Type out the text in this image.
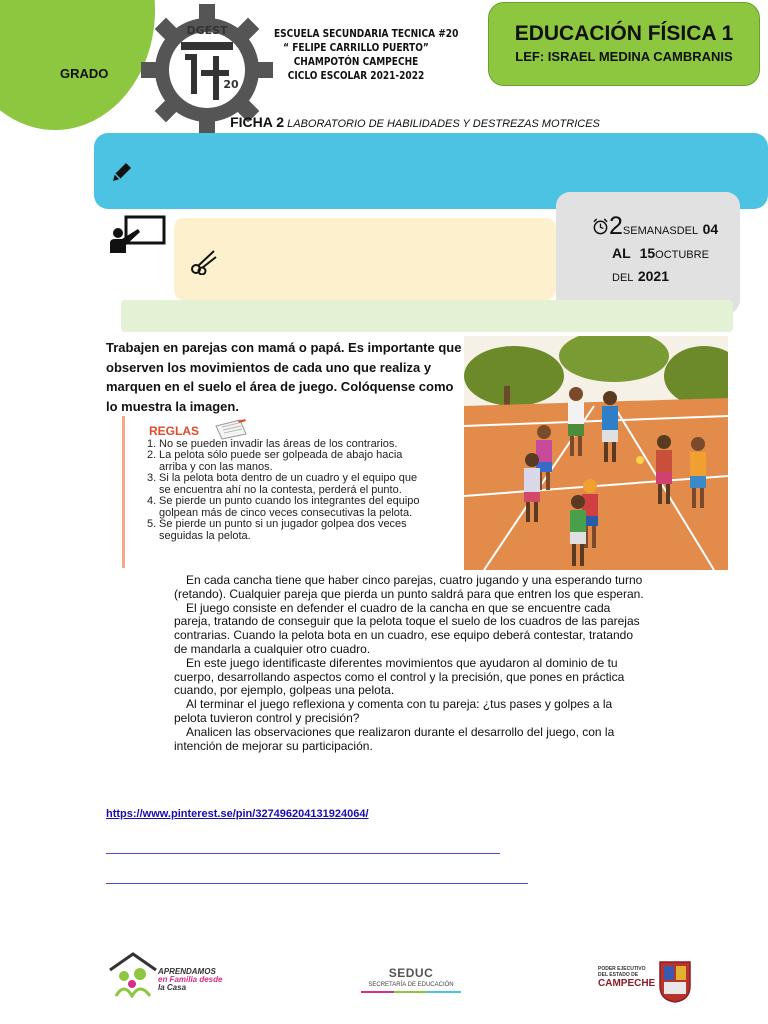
GRADO
DGEST
20
ESCUELA SECUNDARIA TECNICA #20
“ FELIPE CARRILLO PUERTO”
CHAMPOTÓN CAMPECHE
CICLO ESCOLAR 2021-2022
EDUCACIÓN FÍSICA 1
LEF: ISRAEL MEDINA CAMBRANIS
FICHA 2 LABORATORIO DE HABILIDADES Y DESTREZAS MOTRICES
2SEMANASDEL 04
AL 15OCTUBRE
DEL 2021
Trabajen en parejas con mamá o papá. Es importante que observen los movimientos de cada uno que realiza y marquen en el suelo el área de juego. Colóquense como lo muestra la imagen.
REGLAS
1. No se pueden invadir las áreas de los contrarios.
2. La pelota sólo puede ser golpeada de abajo hacia arriba y con las manos.
3. Si la pelota bota dentro de un cuadro y el equipo que se encuentra ahí no la contesta, perderá el punto.
4. Se pierde un punto cuando los integrantes del equipo golpean más de cinco veces consecutivas la pelota.
5. Se pierde un punto si un jugador golpea dos veces seguidas la pelota.

En cada cancha tiene que haber cinco parejas, cuatro jugando y una esperando turno (retando). Cualquier pareja que pierda un punto saldrá para que entren los que esperan.

El juego consiste en defender el cuadro de la cancha en que se encuentre cada pareja, tratando de conseguir que la pelota toque el suelo de los cuadros de las parejas contrarias. Cuando la pelota bota en un cuadro, ese equipo deberá contestar, tratando de mandarla a cualquier otro cuadro.

En este juego identificaste diferentes movimientos que ayudaron al dominio de tu cuerpo, desarrollando aspectos como el control y la precisión, que pones en práctica cuando, por ejemplo, golpeas una pelota.

Al terminar el juego reflexiona y comenta con tu pareja: ¿tus pases y golpes a la pelota tuvieron control y precisión?

Analicen las observaciones que realizaron durante el desarrollo del juego, con la intención de mejorar su participación.

https://www.pinterest.se/pin/327496204131924064/
APRENDAMOS
en Familia desde
la Casa
SEDUC
SECRETARÍA DE EDUCACIÓN
PODER EJECUTIVO
DEL ESTADO DE
CAMPECHE
